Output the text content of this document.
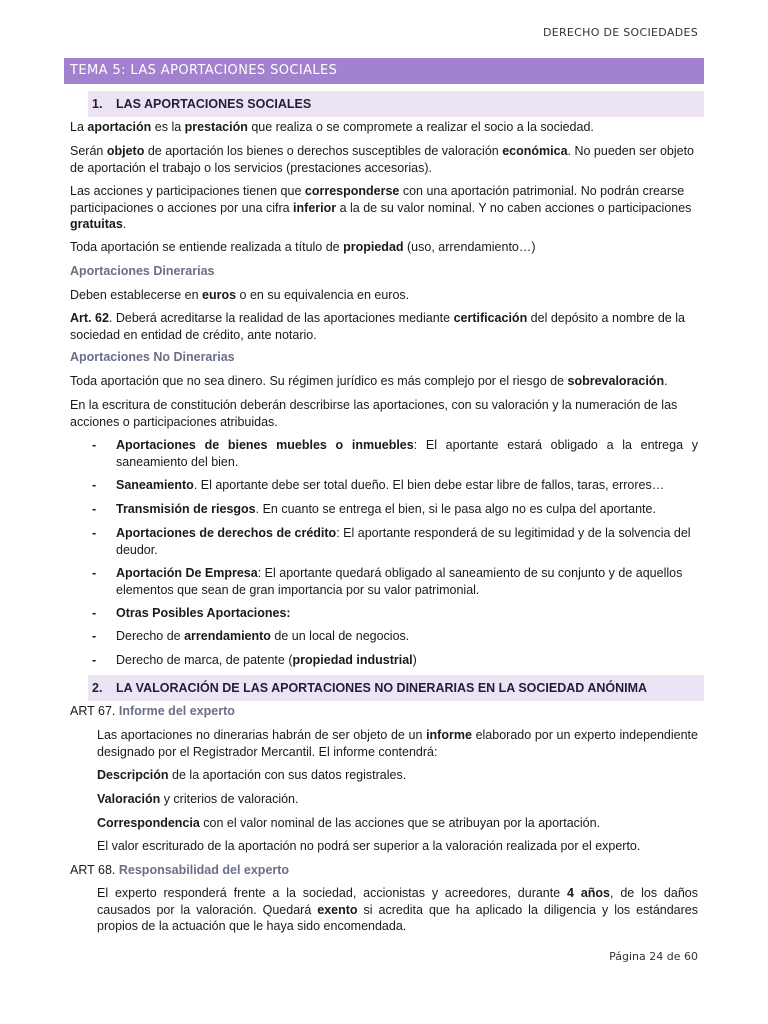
DERECHO DE SOCIEDADES
TEMA 5: LAS APORTACIONES SOCIALES
1. LAS APORTACIONES SOCIALES

La aportación es la prestación que realiza o se compromete a realizar el socio a la sociedad.

Serán objeto de aportación los bienes o derechos susceptibles de valoración económica. No pueden ser objeto de aportación el trabajo o los servicios (prestaciones accesorias).

Las acciones y participaciones tienen que corresponderse con una aportación patrimonial. No podrán crearse participaciones o acciones por una cifra inferior a la de su valor nominal. Y no caben acciones o participaciones gratuitas.

Toda aportación se entiende realizada a título de propiedad (uso, arrendamiento…)

Aportaciones Dinerarias

Deben establecerse en euros o en su equivalencia en euros.

Art. 62. Deberá acreditarse la realidad de las aportaciones mediante certificación del depósito a nombre de la sociedad en entidad de crédito, ante notario.

Aportaciones No Dinerarias

Toda aportación que no sea dinero. Su régimen jurídico es más complejo por el riesgo de sobrevaloración.

En la escritura de constitución deberán describirse las aportaciones, con su valoración y la numeración de las acciones o participaciones atribuidas.

- Aportaciones de bienes muebles o inmuebles: El aportante estará obligado a la entrega y saneamiento del bien.
- Saneamiento. El aportante debe ser total dueño. El bien debe estar libre de fallos, taras, errores…
- Transmisión de riesgos. En cuanto se entrega el bien, si le pasa algo no es culpa del aportante.
- Aportaciones de derechos de crédito: El aportante responderá de su legitimidad y de la solvencia del deudor.
- Aportación De Empresa: El aportante quedará obligado al saneamiento de su conjunto y de aquellos elementos que sean de gran importancia por su valor patrimonial.
- Otras Posibles Aportaciones:
- Derecho de arrendamiento de un local de negocios.
- Derecho de marca, de patente (propiedad industrial)
2. LA VALORACIÓN DE LAS APORTACIONES NO DINERARIAS EN LA SOCIEDAD ANÓNIMA

ART 67. Informe del experto

Las aportaciones no dinerarias habrán de ser objeto de un informe elaborado por un experto independiente designado por el Registrador Mercantil. El informe contendrá:

Descripción de la aportación con sus datos registrales.

Valoración y criterios de valoración.

Correspondencia con el valor nominal de las acciones que se atribuyan por la aportación.

El valor escriturado de la aportación no podrá ser superior a la valoración realizada por el experto.

ART 68. Responsabilidad del experto

El experto responderá frente a la sociedad, accionistas y acreedores, durante 4 años, de los daños causados por la valoración. Quedará exento si acredita que ha aplicado la diligencia y los estándares propios de la actuación que le haya sido encomendada.

Página 24 de 60
